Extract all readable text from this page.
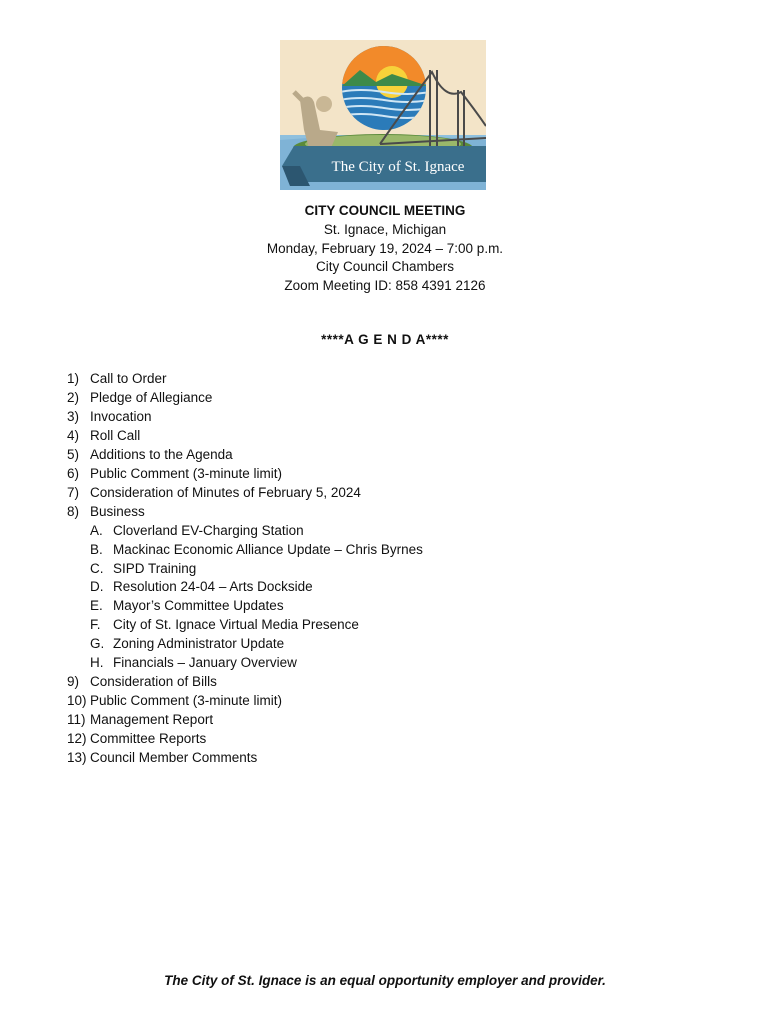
The City of St. Ignace
CITY COUNCIL MEETING
St. Ignace, Michigan
Monday, February 19, 2024 – 7:00 p.m.
City Council Chambers
Zoom Meeting ID: 858 4391 2126
****A G E N D A****
1) Call to Order
2) Pledge of Allegiance
3) Invocation
4) Roll Call
5) Additions to the Agenda
6) Public Comment (3-minute limit)
7) Consideration of Minutes of February 5, 2024
8) Business
A. Cloverland EV-Charging Station
B. Mackinac Economic Alliance Update – Chris Byrnes
C. SIPD Training
D. Resolution 24-04 – Arts Dockside
E. Mayor’s Committee Updates
F. City of St. Ignace Virtual Media Presence
G. Zoning Administrator Update
H. Financials – January Overview
9) Consideration of Bills
10) Public Comment (3-minute limit)
11) Management Report
12) Committee Reports
13) Council Member Comments
The City of St. Ignace is an equal opportunity employer and provider.
